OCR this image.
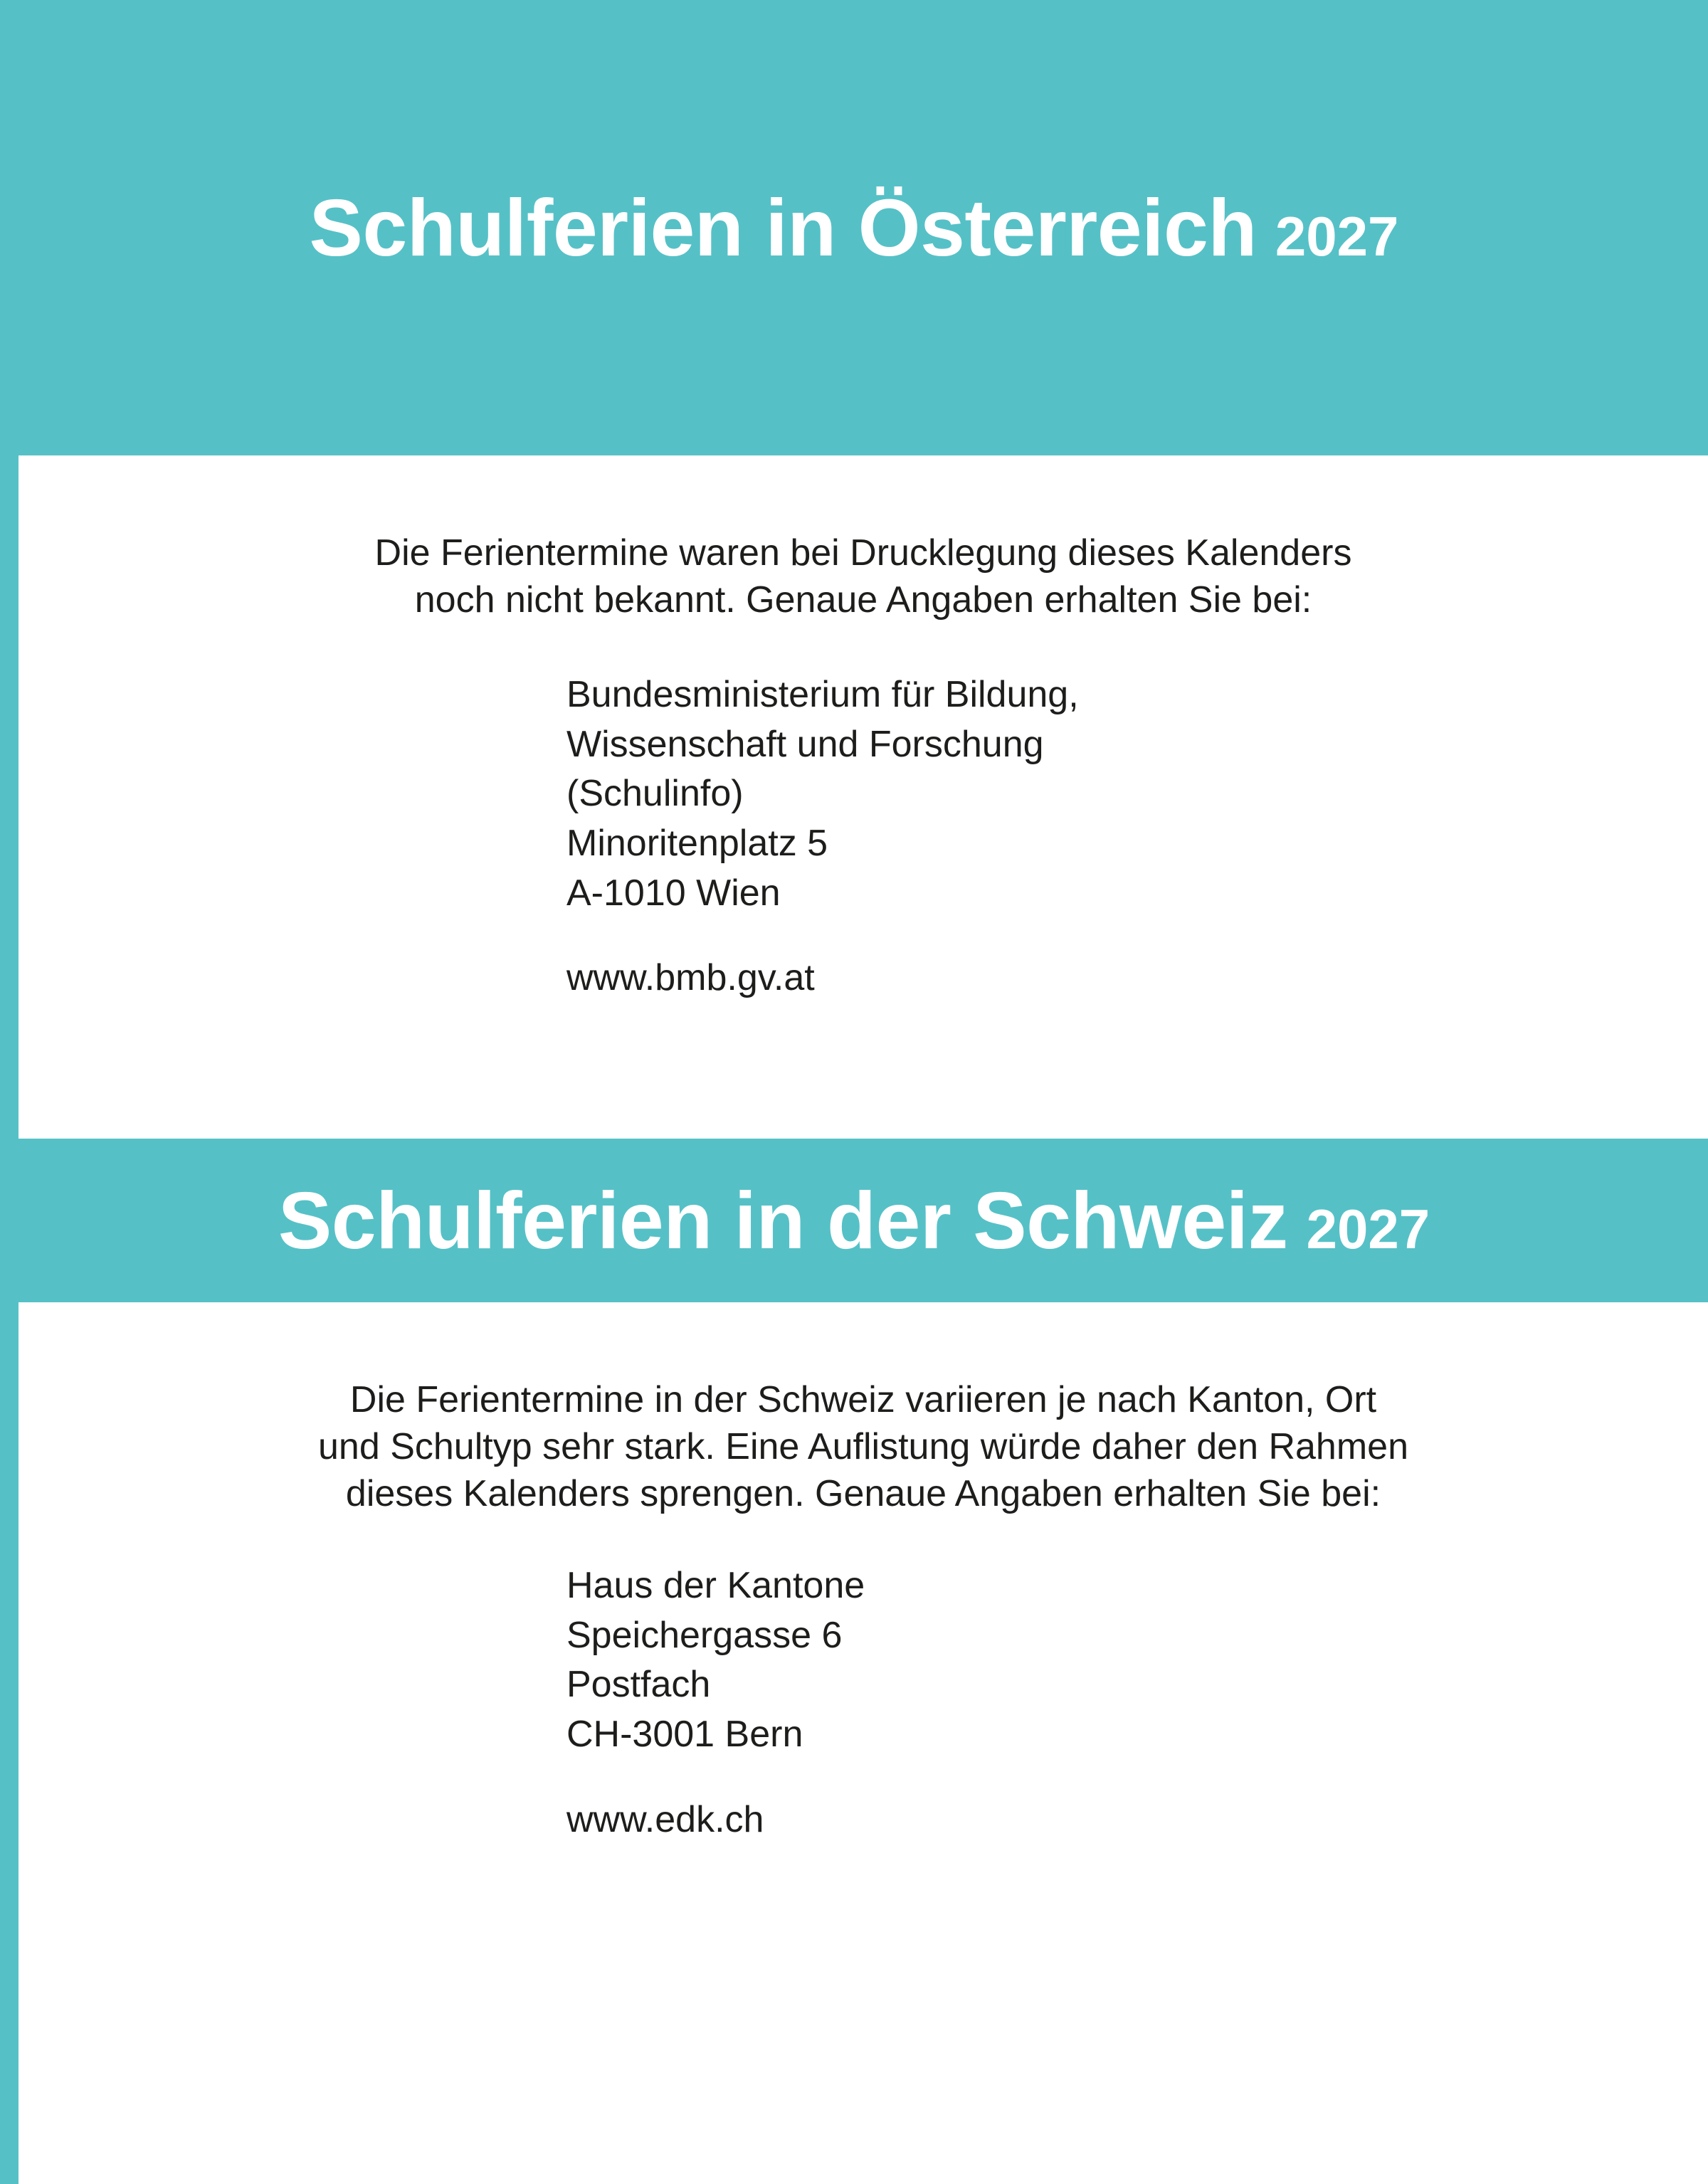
Schulferien in Österreich 2027

Die Ferientermine waren bei Drucklegung dieses Kalenders

noch nicht bekannt. Genaue Angaben erhalten Sie bei:

Bundesministerium für Bildung,
Wissenschaft und Forschung
(Schulinfo)
Minoritenplatz 5
A-1010 Wien
www.bmb.gv.at
Schulferien in der Schweiz 2027

Die Ferientermine in der Schweiz variieren je nach Kanton, Ort

und Schultyp sehr stark. Eine Auflistung würde daher den Rahmen

dieses Kalenders sprengen. Genaue Angaben erhalten Sie bei:

Haus der Kantone
Speichergasse 6
Postfach
CH-3001 Bern
www.edk.ch
